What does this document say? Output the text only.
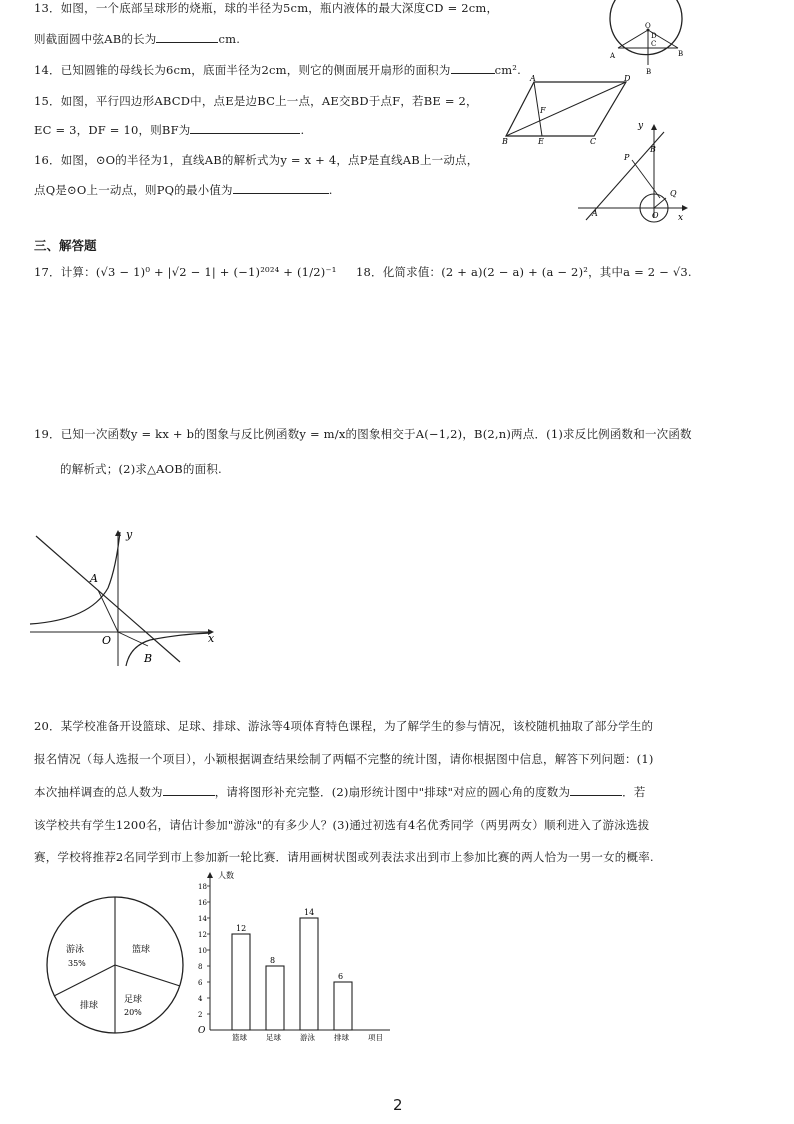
13．如图，一个底部呈球形的烧瓶，球的半径为5cm，瓶内液体的最大深度CD = 2cm，
则截面圆中弦AB的长为	cm.
O
D
C
A	B
B
14．已知圆锥的母线长为6cm，底面半径为2cm，则它的侧面展开扇形的面积为	cm².
15．如图，平行四边形ABCD中，点E是边BC上一点，AE交BD于点F，若BE = 2，
EC = 3，DF = 10，则BF为	.
A	D
F
B	E	C
16．如图，⊙O的半径为1，直线AB的解析式为y = x + 4，点P是直线AB上一动点，
点Q是⊙O上一动点，则PQ的最小值为	.
y
B
P
Q
A	O x
三、解答题
17．计算：(√3 − 1)⁰ + |√2 − 1| + (−1)²⁰²⁴ + (1/2)⁻¹ 18．化简求值：(2 + a)(2 − a) + (a − 2)²，其中a = 2 − √3.
19．已知一次函数y = kx + b的图象与反比例函数y = m/x的图象相交于A(−1,2)，B(2,n)两点．(1)求反比例函数和一次函数
的解析式；(2)求△AOB的面积.
y
A
O
B
x
20．某学校准备开设篮球、足球、排球、游泳等4项体育特色课程，为了解学生的参与情况，该校随机抽取了部分学生的
报名情况（每人选报一个项目），小颖根据调查结果绘制了两幅不完整的统计图，请你根据图中信息，解答下列问题：(1)
本次抽样调查的总人数为	，请将图形补充完整．(2)扇形统计图中"排球"对应的圆心角的度数为	．若
该学校共有学生1200名，请估计参加"游泳"的有多少人？(3)通过初选有4名优秀同学（两男两女）顺利进入了游泳选拔
赛，学校将推荐2名同学到市上参加新一轮比赛．请用画树状图或列表法求出到市上参加比赛的两人恰为一男一女的概率.
游泳
35%
篮球
排球
足球
20%
人数
O
18
16
14
12
10
8
6
4
2
12
篮球
8
足球
14
游泳
6
排球	项目
2
